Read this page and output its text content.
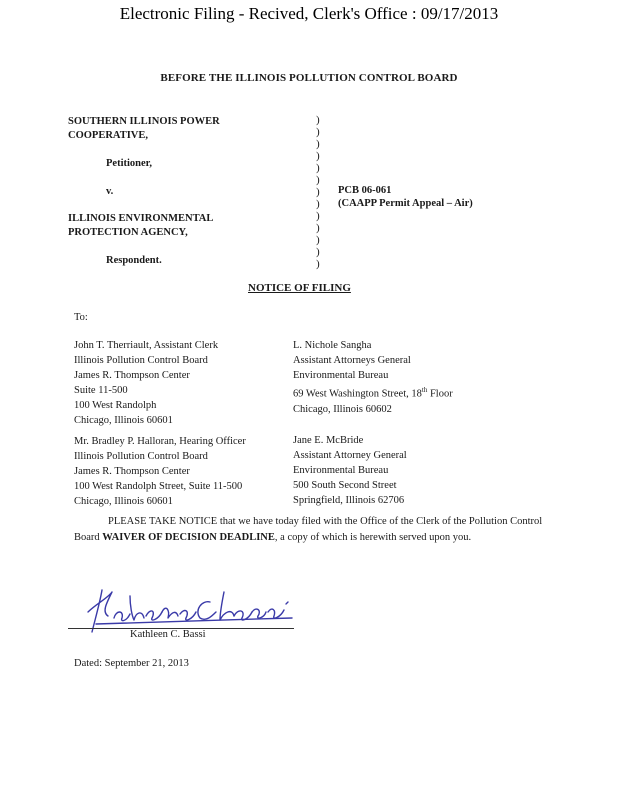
Electronic Filing - Recived, Clerk's Office : 09/17/2013
BEFORE THE ILLINOIS POLLUTION CONTROL BOARD
SOUTHERN ILLINOIS POWER
COOPERATIVE,
Petitioner,
v.
ILLINOIS ENVIRONMENTAL
PROTECTION AGENCY,
Respondent.
)
)
)
)
)
)
)
)
)
)
)
)
)
PCB 06-061
(CAAPP Permit Appeal – Air)
NOTICE OF FILING
To:
John T. Therriault, Assistant Clerk
Illinois Pollution Control Board
James R. Thompson Center
Suite 11-500
100 West Randolph
Chicago, Illinois 60601
L. Nichole Sangha
Assistant Attorneys General
Environmental Bureau
69 West Washington Street, 18th Floor
Chicago, Illinois 60602
Mr. Bradley P. Halloran, Hearing Officer
Illinois Pollution Control Board
James R. Thompson Center
100 West Randolph Street, Suite 11-500
Chicago, Illinois 60601
Jane E. McBride
Assistant Attorney General
Environmental Bureau
500 South Second Street
Springfield, Illinois 62706
PLEASE TAKE NOTICE that we have today filed with the Office of the Clerk of the Pollution Control Board WAIVER OF DECISION DEADLINE, a copy of which is herewith served upon you.
Kathleen C. Bassi
Dated: September 21, 2013
